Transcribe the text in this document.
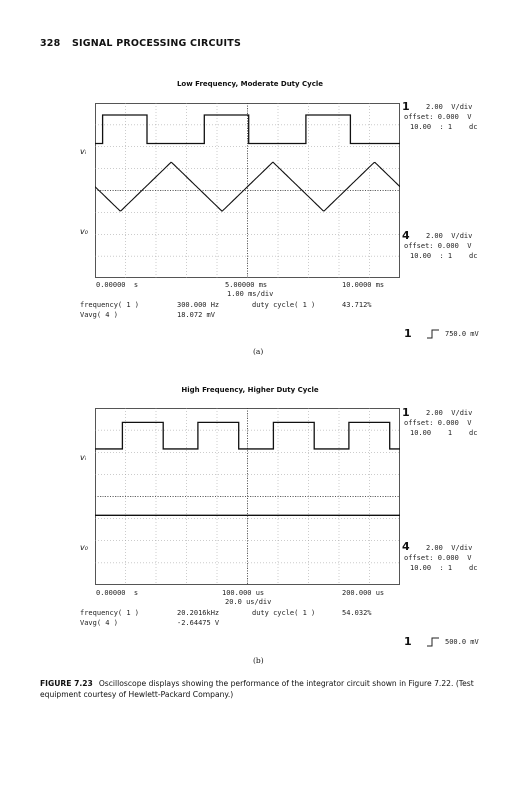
328 SIGNAL PROCESSING CIRCUITS
Low Frequency, Moderate Duty Cycle
vᵢ
v₀
1 2.00  V/div
offset: 0.000  V
10.00  : 1    dc
4 2.00  V/div
offset: 0.000  V
10.00  : 1    dc
0.00000  s	5.00000 ms	10.0000 ms
1.00 ms/div
frequency( 1 )	300.000 Hz	duty cycle( 1 )	43.712%
Vavg( 4 )	18.072 mV
1	750.0 mV
(a)
High Frequency, Higher Duty Cycle
vᵢ
v₀
1 2.00  V/div
offset: 0.000  V
10.00    1    dc
4 2.00  V/div
offset: 0.000  V
10.00  : 1    dc
0.00000  s	100.000 us	200.000 us
20.0 us/div
frequency( 1 )	20.2016kHz	duty cycle( 1 )	54.032%
Vavg( 4 )	-2.64475 V
1	500.0 mV
(b)
FIGURE 7.23 Oscilloscope displays showing the performance of the integrator circuit shown in Figure 7.22. (Test equipment courtesy of Hewlett-Packard Company.)
